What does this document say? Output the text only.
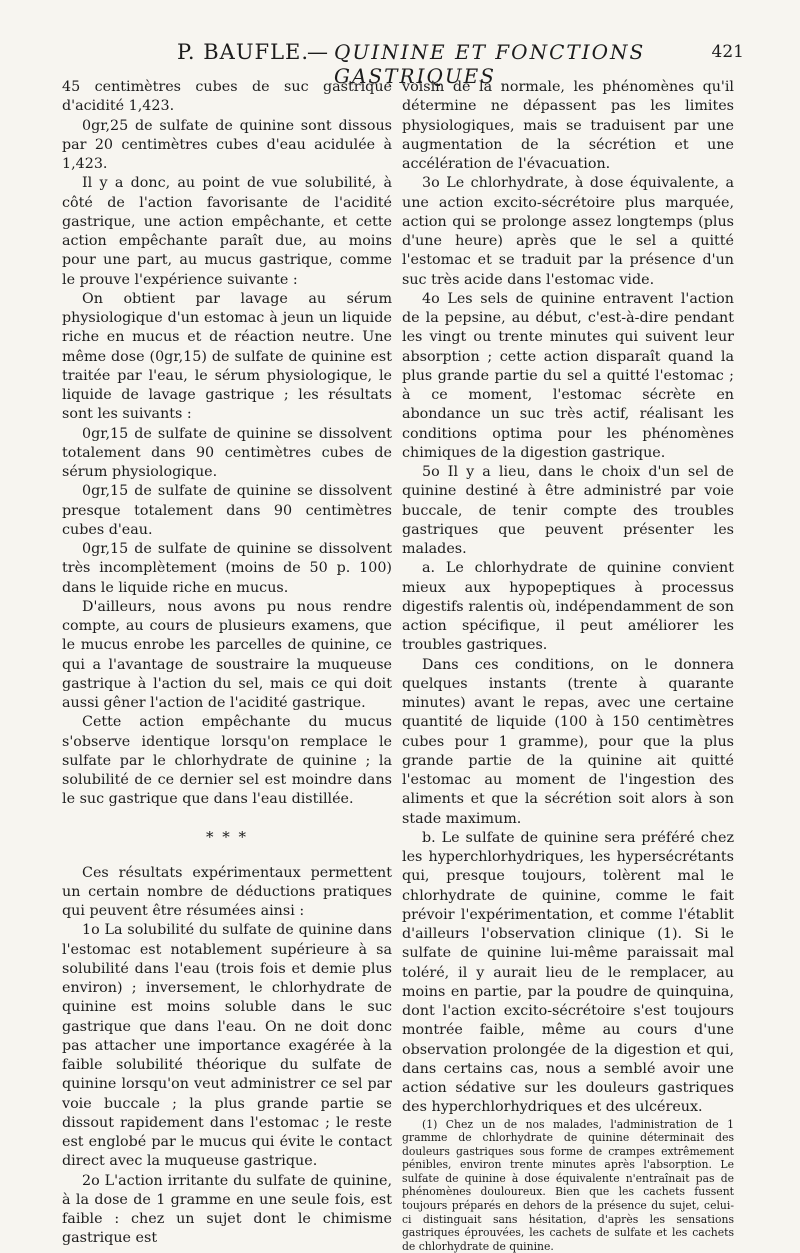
P. BAUFLE.
— QUININE ET FONCTIONS GASTRIQUES
421

45 centimètres cubes de suc gastrique d'acidité 1,423.

0gr,25 de sulfate de quinine sont dissous par 20 centimètres cubes d'eau acidulée à 1,423.

Il y a donc, au point de vue solubilité, à côté de l'action favorisante de l'acidité gastrique, une action empêchante, et cette action empêchante paraît due, au moins pour une part, au mucus gastrique, comme le prouve l'expérience suivante :

On obtient par lavage au sérum physiologique d'un estomac à jeun un liquide riche en mucus et de réaction neutre. Une même dose (0gr,15) de sulfate de quinine est traitée par l'eau, le sérum physiologique, le liquide de lavage gastrique ; les résultats sont les suivants :

0gr,15 de sulfate de quinine se dissolvent totalement dans 90 centimètres cubes de sérum physiologique.

0gr,15 de sulfate de quinine se dissolvent presque totalement dans 90 centimètres cubes d'eau.

0gr,15 de sulfate de quinine se dissolvent très incomplètement (moins de 50 p. 100) dans le liquide riche en mucus.

D'ailleurs, nous avons pu nous rendre compte, au cours de plusieurs examens, que le mucus enrobe les parcelles de quinine, ce qui a l'avantage de soustraire la muqueuse gastrique à l'action du sel, mais ce qui doit aussi gêner l'action de l'acidité gastrique.

Cette action empêchante du mucus s'observe identique lorsqu'on remplace le sulfate par le chlorhydrate de quinine ; la solubilité de ce dernier sel est moindre dans le suc gastrique que dans l'eau distillée.

* * *

Ces résultats expérimentaux permettent un certain nombre de déductions pratiques qui peuvent être résumées ainsi :

1o La solubilité du sulfate de quinine dans l'estomac est notablement supérieure à sa solubilité dans l'eau (trois fois et demie plus environ) ; inversement, le chlorhydrate de quinine est moins soluble dans le suc gastrique que dans l'eau. On ne doit donc pas attacher une importance exagérée à la faible solubilité théorique du sulfate de quinine lorsqu'on veut administrer ce sel par voie buccale ; la plus grande partie se dissout rapidement dans l'estomac ; le reste est englobé par le mucus qui évite le contact direct avec la muqueuse gastrique.

2o L'action irritante du sulfate de quinine, à la dose de 1 gramme en une seule fois, est faible : chez un sujet dont le chimisme gastrique est

voisin de la normale, les phénomènes qu'il détermine ne dépassent pas les limites physiologiques, mais se traduisent par une augmentation de la sécrétion et une accélération de l'évacuation.

3o Le chlorhydrate, à dose équivalente, a une action excito-sécrétoire plus marquée, action qui se prolonge assez longtemps (plus d'une heure) après que le sel a quitté l'estomac et se traduit par la présence d'un suc très acide dans l'estomac vide.

4o Les sels de quinine entravent l'action de la pepsine, au début, c'est-à-dire pendant les vingt ou trente minutes qui suivent leur absorption ; cette action disparaît quand la plus grande partie du sel a quitté l'estomac ; à ce moment, l'estomac sécrète en abondance un suc très actif, réalisant les conditions optima pour les phénomènes chimiques de la digestion gastrique.

5o Il y a lieu, dans le choix d'un sel de quinine destiné à être administré par voie buccale, de tenir compte des troubles gastriques que peuvent présenter les malades.

a. Le chlorhydrate de quinine convient mieux aux hypopeptiques à processus digestifs ralentis où, indépendamment de son action spécifique, il peut améliorer les troubles gastriques.

Dans ces conditions, on le donnera quelques instants (trente à quarante minutes) avant le repas, avec une certaine quantité de liquide (100 à 150 centimètres cubes pour 1 gramme), pour que la plus grande partie de la quinine ait quitté l'estomac au moment de l'ingestion des aliments et que la sécrétion soit alors à son stade maximum.

b. Le sulfate de quinine sera préféré chez les hyperchlorhydriques, les hypersécrétants qui, presque toujours, tolèrent mal le chlorhydrate de quinine, comme le fait prévoir l'expérimentation, et comme l'établit d'ailleurs l'observation clinique (1). Si le sulfate de quinine lui-même paraissait mal toléré, il y aurait lieu de le remplacer, au moins en partie, par la poudre de quinquina, dont l'action excito-sécrétoire s'est toujours montrée faible, même au cours d'une observation prolongée de la digestion et qui, dans certains cas, nous a semblé avoir une action sédative sur les douleurs gastriques des hyperchlorhydriques et des ulcéreux.

(1) Chez un de nos malades, l'administration de 1 gramme de chlorhydrate de quinine déterminait des douleurs gastriques sous forme de crampes extrêmement pénibles, environ trente minutes après l'absorption. Le sulfate de quinine à dose équivalente n'entraînait pas de phénomènes douloureux. Bien que les cachets fussent toujours préparés en dehors de la présence du sujet, celui-ci distinguait sans hésitation, d'après les sensations gastriques éprouvées, les cachets de sulfate et les cachets de chlorhydrate de quinine.
